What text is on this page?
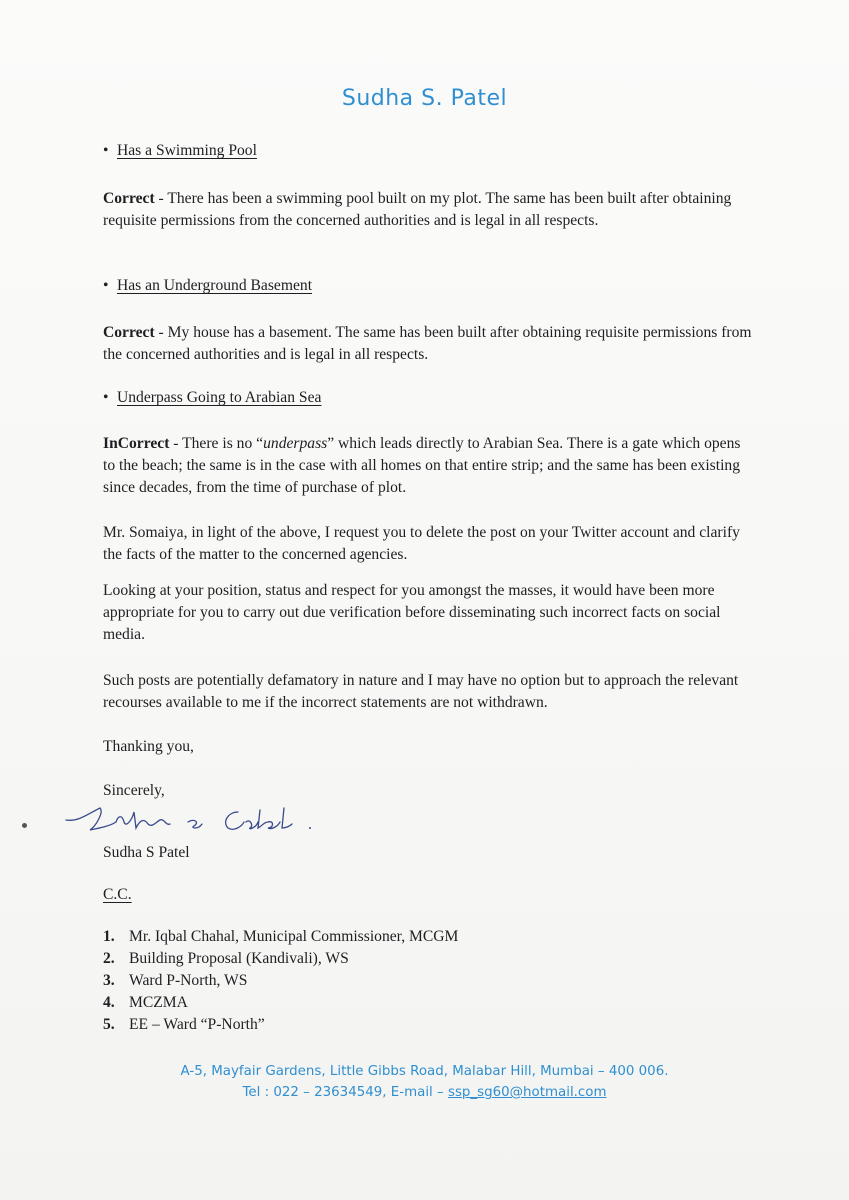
Sudha S. Patel
• Has a Swimming Pool
Correct - There has been a swimming pool built on my plot. The same has been built after obtaining requisite permissions from the concerned authorities and is legal in all respects.
• Has an Underground Basement
Correct - My house has a basement. The same has been built after obtaining requisite permissions from the concerned authorities and is legal in all respects.
• Underpass Going to Arabian Sea
InCorrect - There is no “underpass” which leads directly to Arabian Sea. There is a gate which opens to the beach; the same is in the case with all homes on that entire strip; and the same has been existing since decades, from the time of purchase of plot.
Mr. Somaiya, in light of the above, I request you to delete the post on your Twitter account and clarify the facts of the matter to the concerned agencies.
Looking at your position, status and respect for you amongst the masses, it would have been more appropriate for you to carry out due verification before disseminating such incorrect facts on social media.
Such posts are potentially defamatory in nature and I may have no option but to approach the relevant recourses available to me if the incorrect statements are not withdrawn.
Thanking you,
Sincerely,
Sudha S Patel
C.C.
1. Mr. Iqbal Chahal, Municipal Commissioner, MCGM
2. Building Proposal (Kandivali), WS
3. Ward P-North, WS
4. MCZMA
5. EE – Ward “P-North”
A-5, Mayfair Gardens, Little Gibbs Road, Malabar Hill, Mumbai – 400 006.
Tel : 022 – 23634549, E-mail – ssp_sg60@hotmail.com
